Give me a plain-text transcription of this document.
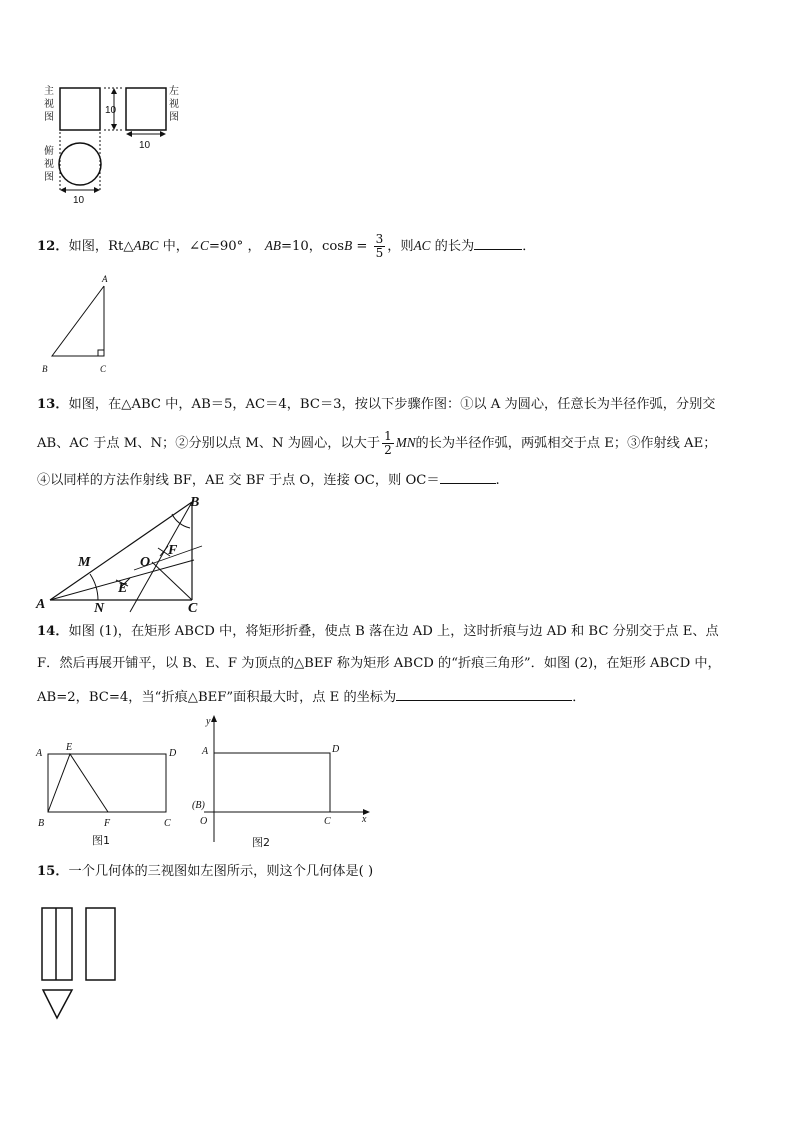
主
视
图
左
视
图
俯
视
图
10
10
10
12．如图，Rt△ABC 中，∠C=90° ， AB=10，$\cos B = \frac{3}{5}$ ，则AC 的长为	．
A
B	C
13．如图，在△ABC 中，AB＝5，AC＝4，BC＝3，按以下步骤作图：①以 A 为圆心，任意长为半径作弧，分别交
AB、AC 于点 M、N；②分别以点 M、N 为圆心，以大于 $\frac{1}{2}$ MN的长为半径作弧，两弧相交于点 E；③作射线 AE；
④以同样的方法作射线 BF，AE 交 BF 于点 O，连接 OC，则 OC＝	.
A
B
C
M
N
E
F
O
14．如图 (1)，在矩形 ABCD 中，将矩形折叠，使点 B 落在边 AD 上，这时折痕与边 AD 和 BC 分别交于点 E、点
F．然后再展开铺平，以 B、E、F 为顶点的△BEF 称为矩形 ABCD 的“折痕三角形”．如图 (2)，在矩形 ABCD 中，
AB=2，BC=4，当“折痕△BEF”面积最大时，点 E 的坐标为	．
A
E
D
B	F	C
图1
y
A	D
(B)
O	C	x
图2
15．一个几何体的三视图如左图所示，则这个几何体是( )
